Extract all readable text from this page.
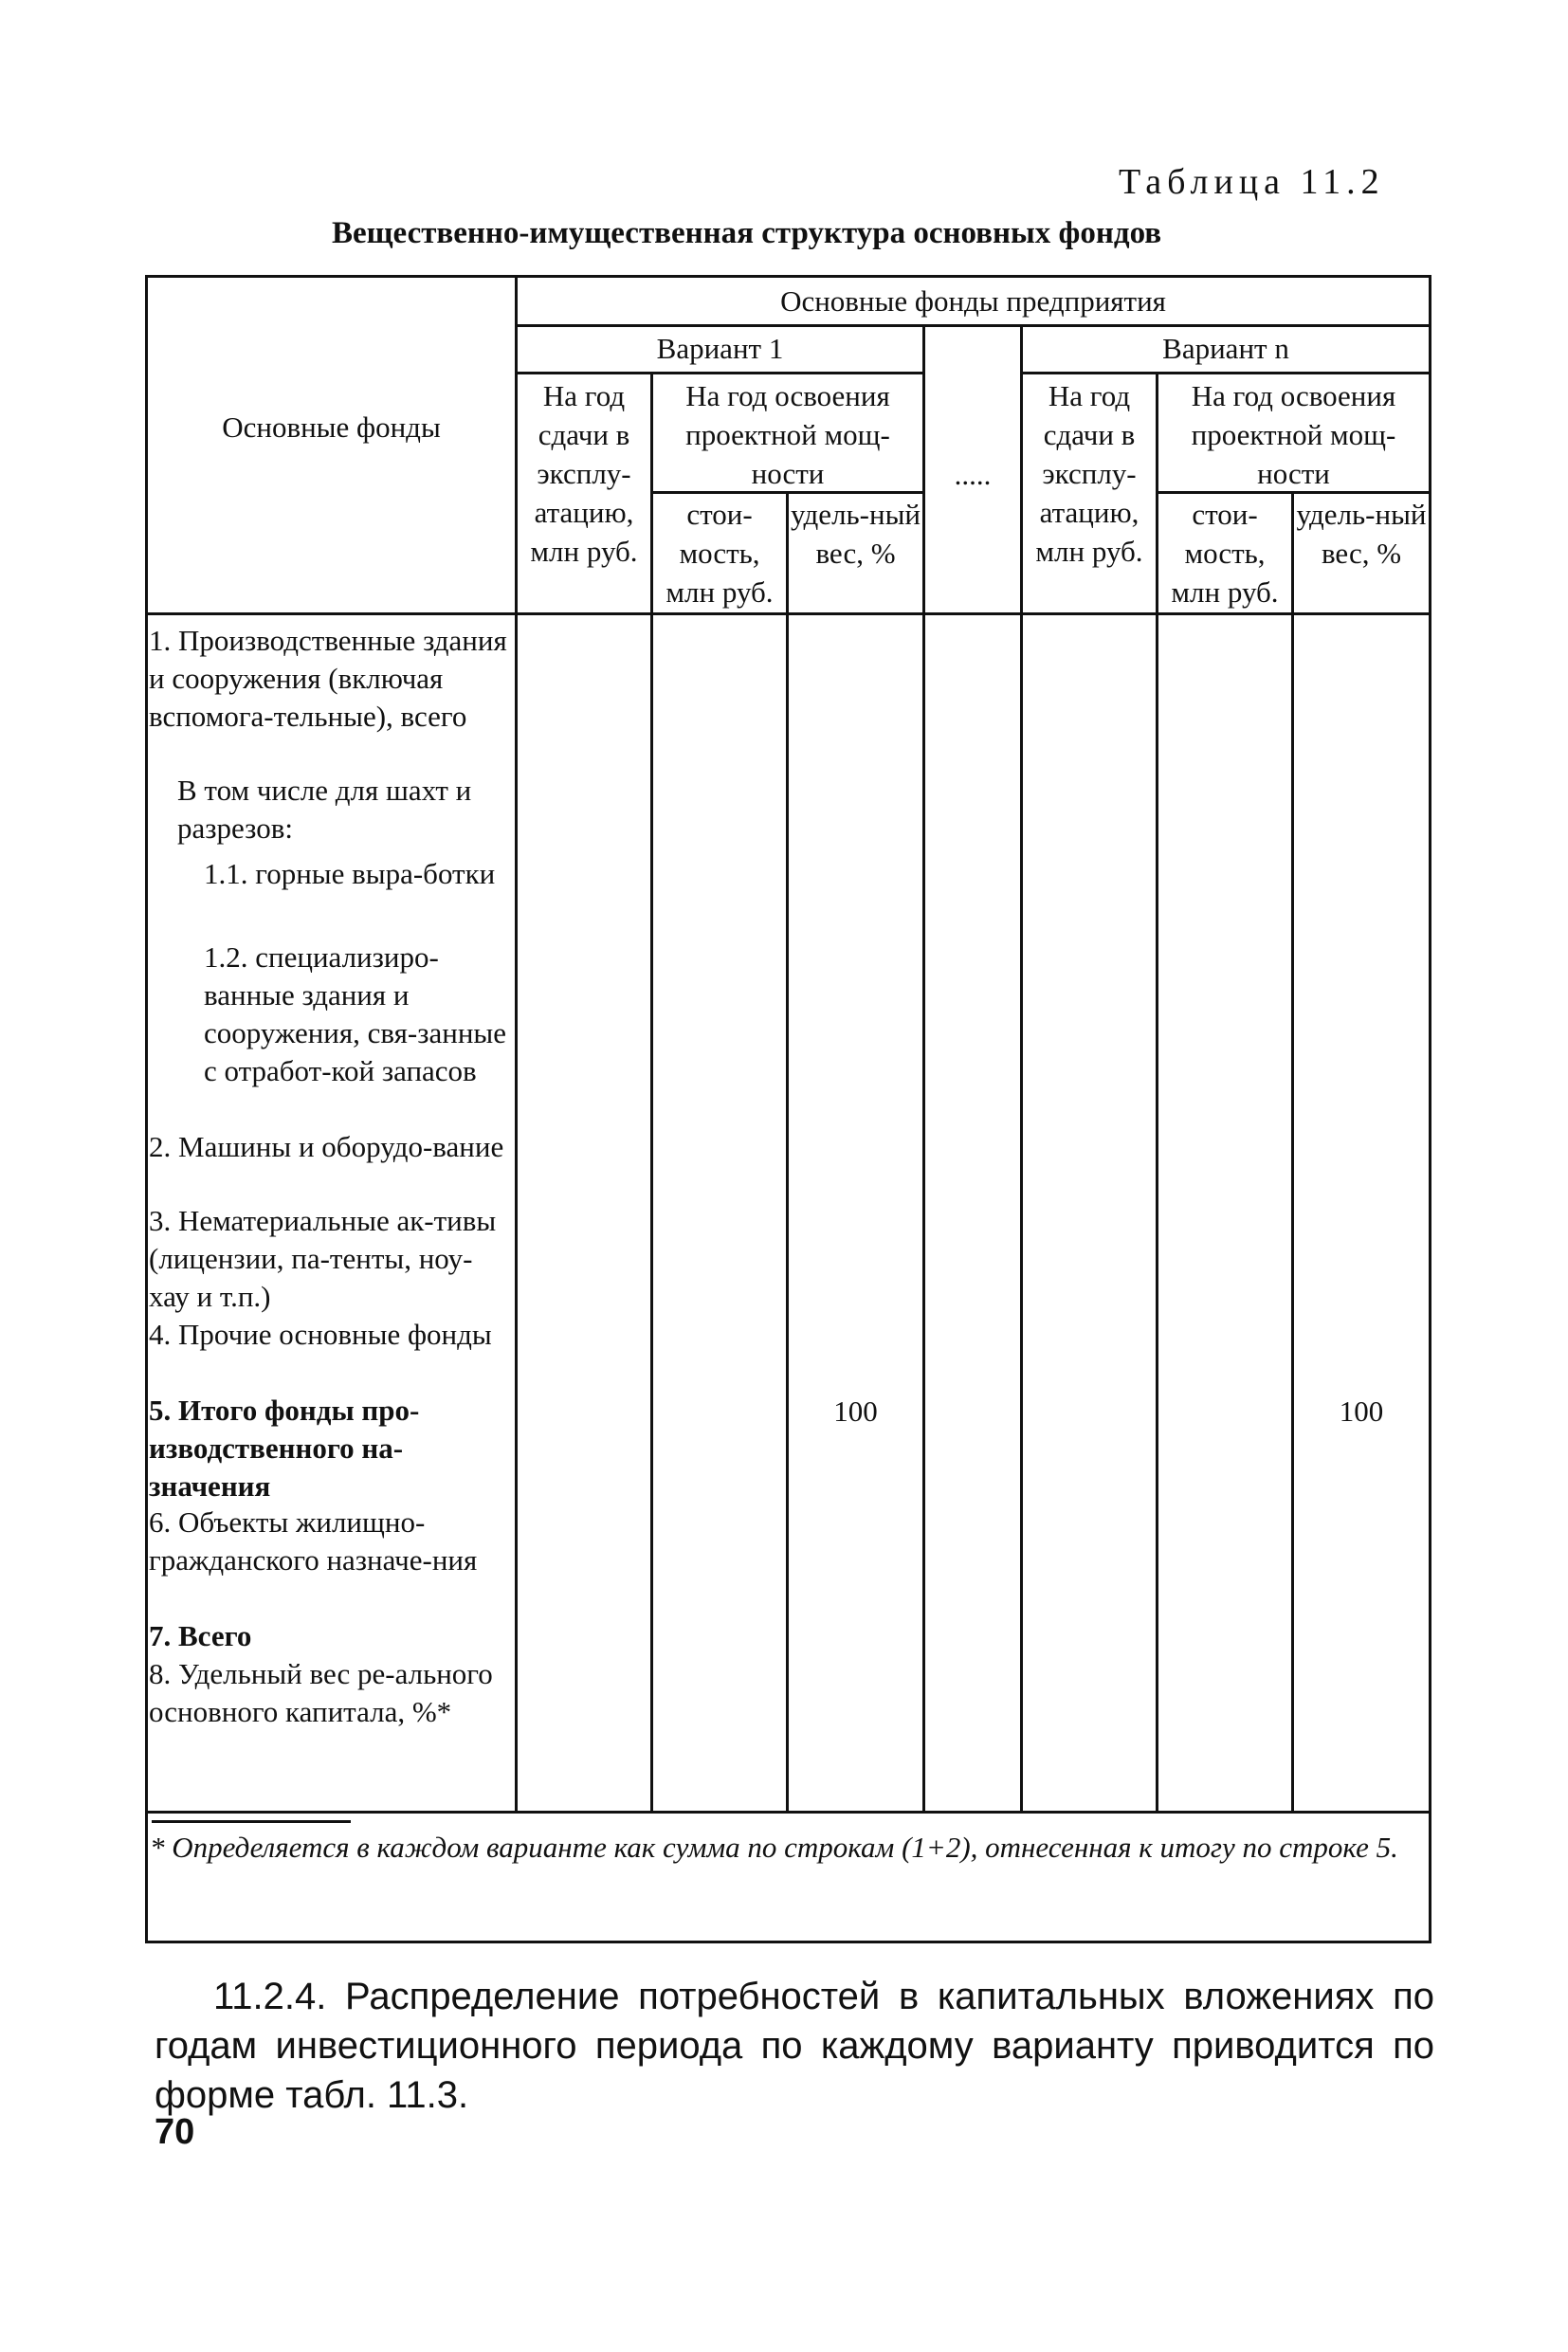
Таблица 11.2
Вещественно-имущественная структура основных фондов
Основные фонды
Основные фонды предприятия
Вариант 1	Вариант n
.....
На год сдачи в эксплу-атацию, млн руб.
На год освоения проектной мощ-ности
стои-мость, млн руб.
удель-ный вес, %
На год сдачи в эксплу-атацию, млн руб.
На год освоения проектной мощ-ности
стои-мость, млн руб.
удель-ный вес, %
1. Производственные здания и сооружения (включая вспомога-тельные), всего
В том числе для шахт и разрезов:
1.1. горные выра-ботки
1.2. специализиро-ванные здания и сооружения, свя-занные с отработ-кой запасов
2. Машины и оборудо-вание
3. Нематериальные ак-тивы (лицензии, па-тенты, ноу-хау и т.п.)
4. Прочие основные фонды
5. Итого фонды про-изводственного на-значения
6. Объекты жилищно-гражданского назначе-ния
7. Всего
8. Удельный вес ре-ального основного капитала, %*
100	100
* Определяется в каждом варианте как сумма по строкам (1+2), отнесенная к итогу по строке 5.
11.2.4. Распределение потребностей в капитальных вложениях по годам инвестиционного периода по каждому варианту приводится по форме табл. 11.3.
70
